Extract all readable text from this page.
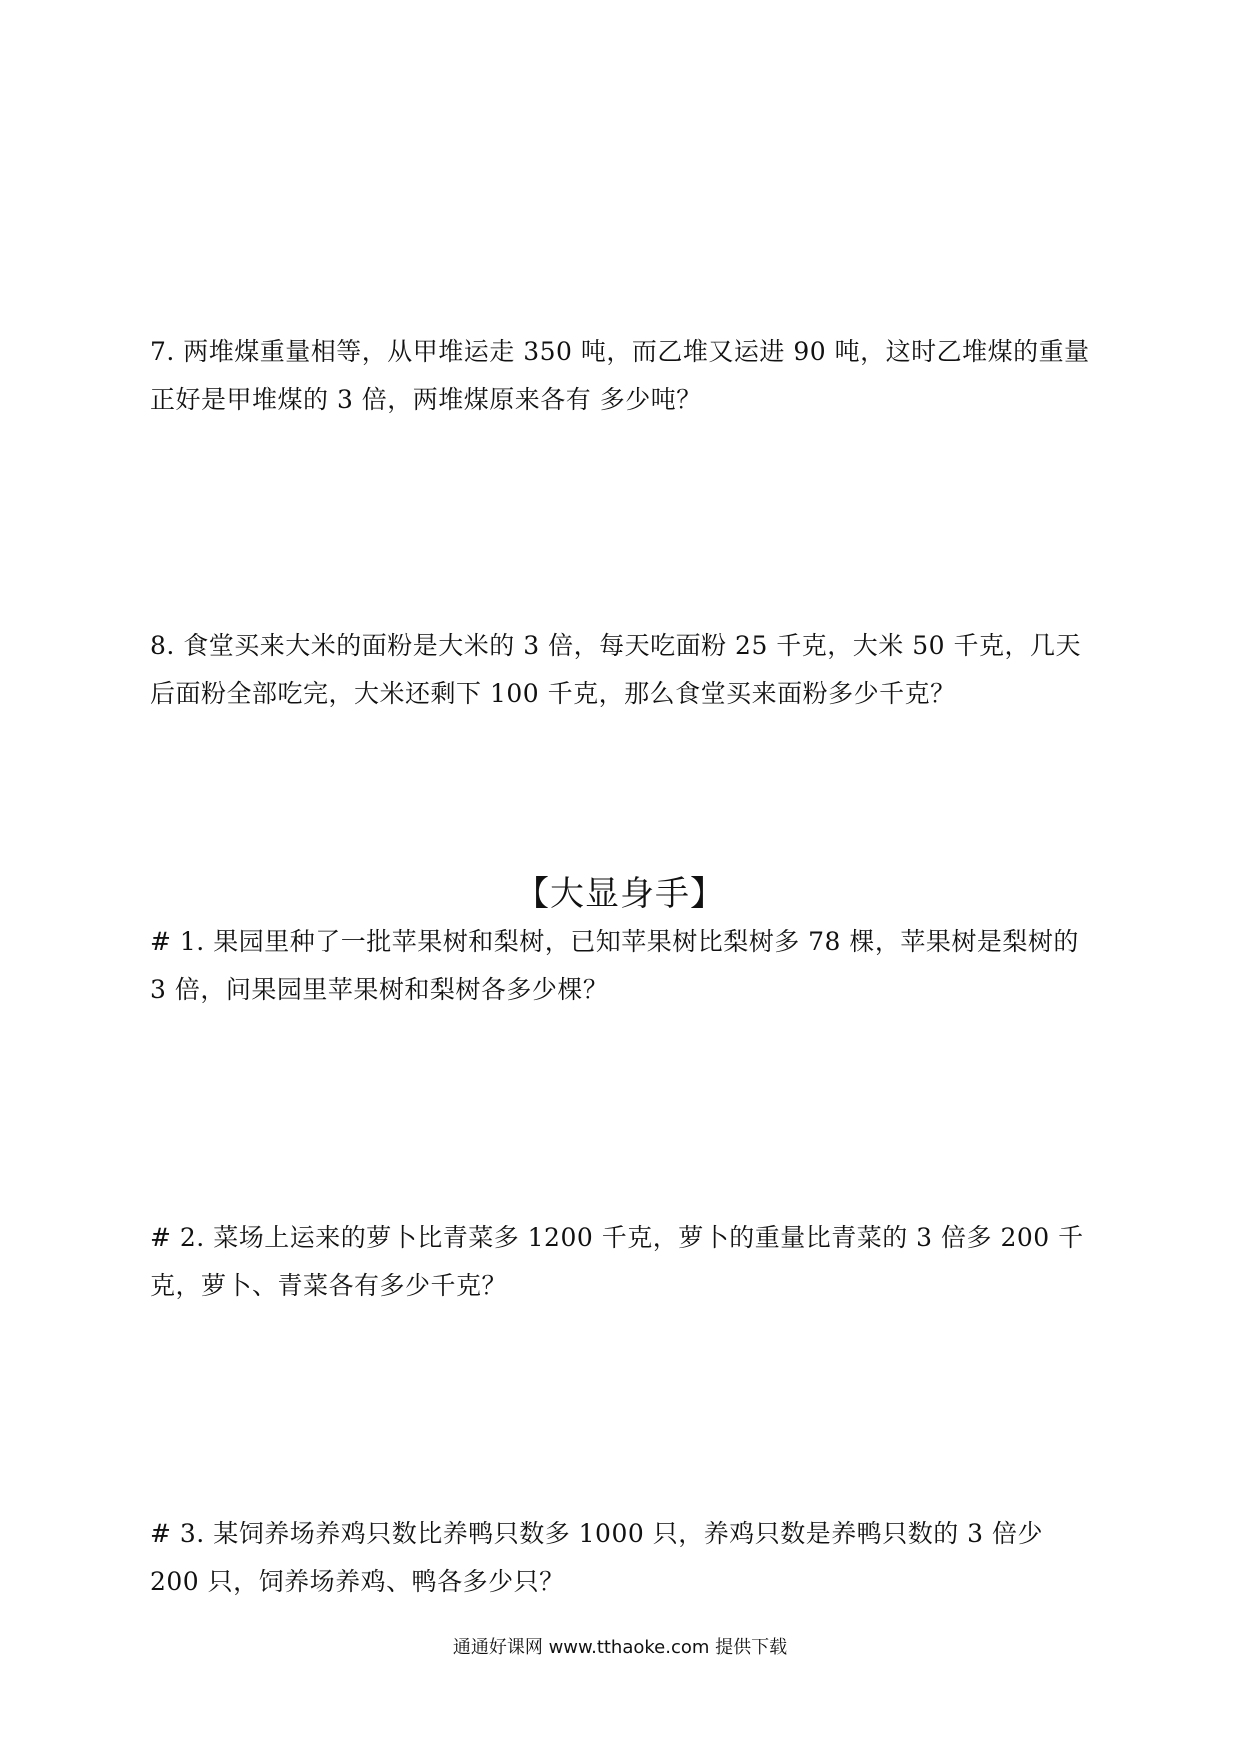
7. 两堆煤重量相等，从甲堆运走 350 吨，而乙堆又运进 90 吨，这时乙堆煤的重量正好是甲堆煤的 3 倍，两堆煤原来各有 多少吨？

8. 食堂买来大米的面粉是大米的 3 倍，每天吃面粉 25 千克，大米 50 千克，几天后面粉全部吃完，大米还剩下 100 千克，那么食堂买来面粉多少千克？

【大显身手】

# 1. 果园里种了一批苹果树和梨树，已知苹果树比梨树多 78 棵，苹果树是梨树的 3 倍，问果园里苹果树和梨树各多少棵？

# 2. 菜场上运来的萝卜比青菜多 1200 千克，萝卜的重量比青菜的 3 倍多 200 千克，萝卜、青菜各有多少千克？

# 3. 某饲养场养鸡只数比养鸭只数多 1000 只，养鸡只数是养鸭只数的 3 倍少 200 只，饲养场养鸡、鸭各多少只？

通通好课网 www.tthaoke.com 提供下载
